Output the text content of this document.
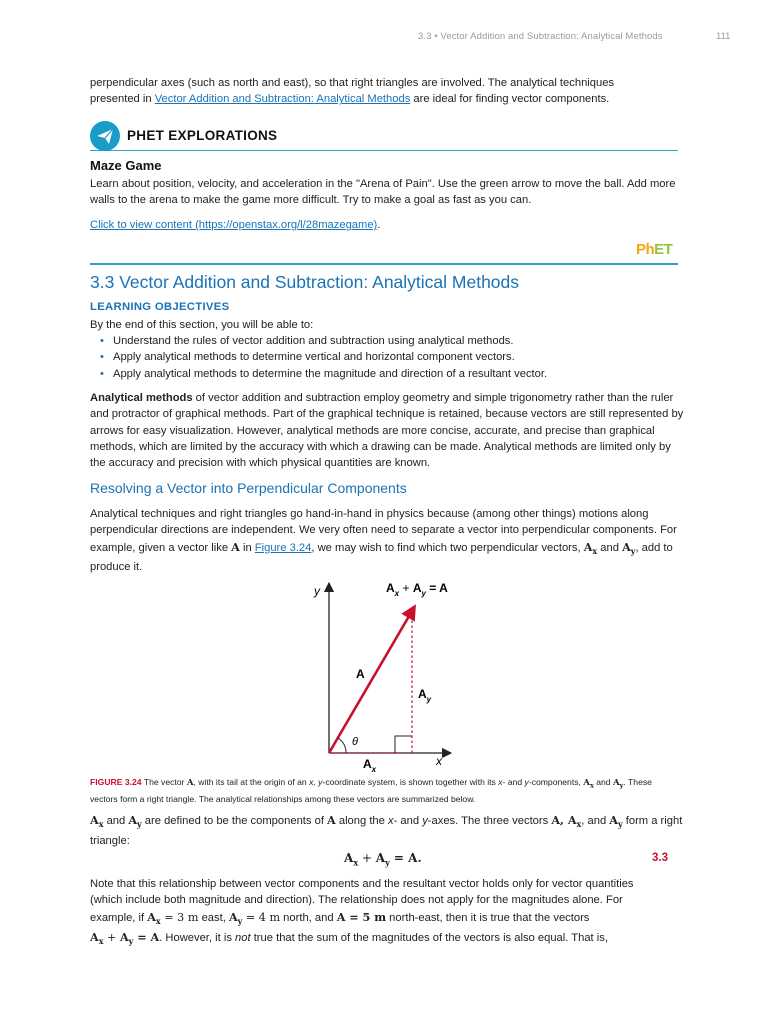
3.3 • Vector Addition and Subtraction: Analytical Methods	111
perpendicular axes (such as north and east), so that right triangles are involved. The analytical techniques
presented in Vector Addition and Subtraction: Analytical Methods are ideal for finding vector components.
PHET EXPLORATIONS
Maze Game
Learn about position, velocity, and acceleration in the "Arena of Pain". Use the green arrow to move the ball. Add more walls to the arena to make the game more difficult. Try to make a goal as fast as you can.
Click to view content (https://openstax.org/l/28mazegame).
PhET
3.3 Vector Addition and Subtraction: Analytical Methods
LEARNING OBJECTIVES
By the end of this section, you will be able to:
• Understand the rules of vector addition and subtraction using analytical methods.
• Apply analytical methods to determine vertical and horizontal component vectors.
• Apply analytical methods to determine the magnitude and direction of a resultant vector.
Analytical methods of vector addition and subtraction employ geometry and simple trigonometry rather than the ruler and protractor of graphical methods. Part of the graphical technique is retained, because vectors are still represented by arrows for easy visualization. However, analytical methods are more concise, accurate, and precise than graphical methods, which are limited by the accuracy with which a drawing can be made. Analytical methods are limited only by the accuracy and precision with which physical quantities are known.
Resolving a Vector into Perpendicular Components
Analytical techniques and right triangles go hand-in-hand in physics because (among other things) motions along perpendicular directions are independent. We very often need to separate a vector into perpendicular components. For example, given a vector like A in Figure 3.24, we may wish to find which two perpendicular vectors, $A_x$ and $A_y$, add to produce it.
y
x
A
$A_y$
$A_x$
θ
$A_x + A_y = A$
FIGURE 3.24 The vector A, with its tail at the origin of an x, y-coordinate system, is shown together with its x- and y-components, $A_x$ and $A_y$. These vectors form a right triangle. The analytical relationships among these vectors are summarized below.
$A_x$ and $A_y$ are defined to be the components of A along the x- and y-axes. The three vectors A, $A_x$, and $A_y$ form a right triangle:
$A_x + A_y = A$.	3.3
Note that this relationship between vector components and the resultant vector holds only for vector quantities
(which include both magnitude and direction). The relationship does not apply for the magnitudes alone. For
example, if $A_x = 3$ m east, $A_y = 4$ m north, and A = 5 m north-east, then it is true that the vectors
$A_x + A_y = A$. However, it is not true that the sum of the magnitudes of the vectors is also equal. That is,
